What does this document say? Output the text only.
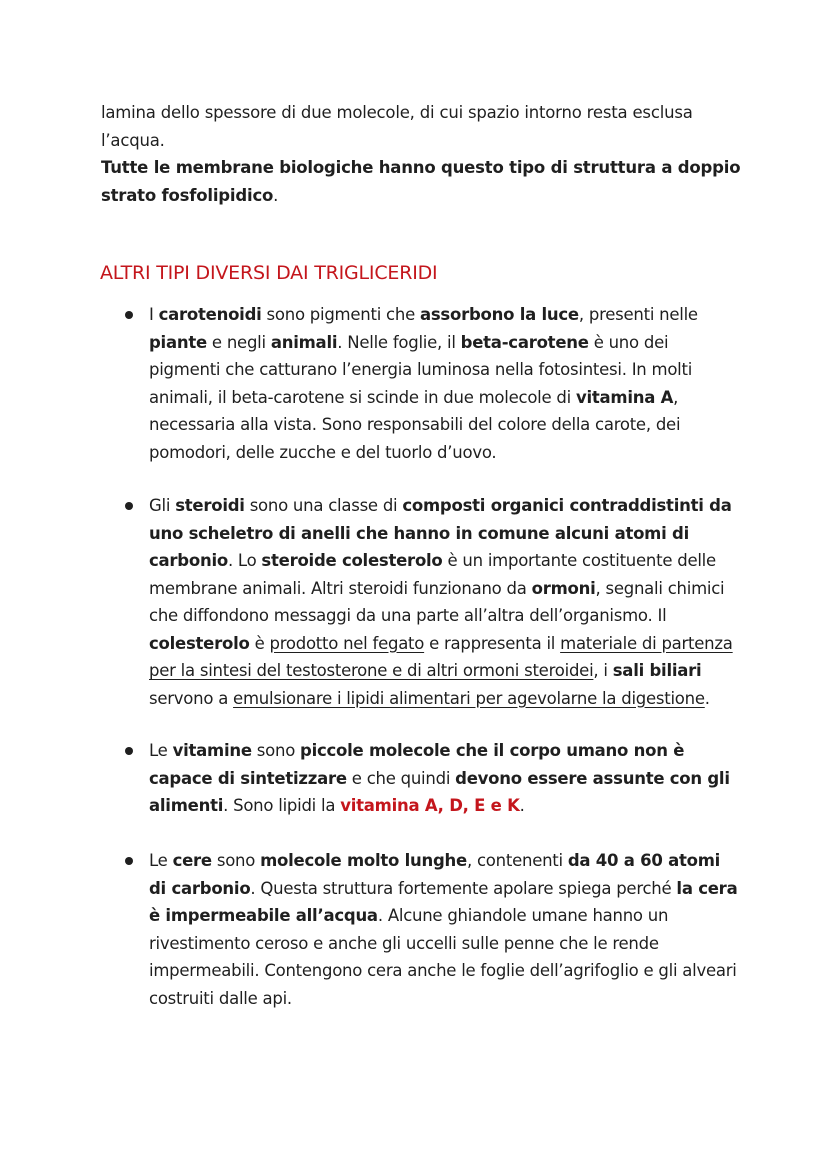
lamina dello spessore di due molecole, di cui spazio intorno resta esclusa
l’acqua.
Tutte le membrane biologiche hanno questo tipo di struttura a doppio strato fosfolipidico.
ALTRI TIPI DIVERSI DAI TRIGLICERIDI
I carotenoidi sono pigmenti che assorbono la luce, presenti nelle piante e negli animali. Nelle foglie, il beta-carotene è uno dei pigmenti che catturano l’energia luminosa nella fotosintesi. In molti animali, il beta-carotene si scinde in due molecole di vitamina A, necessaria alla vista. Sono responsabili del colore della carote, dei pomodori, delle zucche e del tuorlo d’uovo.
Gli steroidi sono una classe di composti organici contraddistinti da uno scheletro di anelli che hanno in comune alcuni atomi di carbonio. Lo steroide colesterolo è un importante costituente delle membrane animali. Altri steroidi funzionano da ormoni, segnali chimici che diffondono messaggi da una parte all’altra dell’organismo. Il colesterolo è prodotto nel fegato e rappresenta il materiale di partenza per la sintesi del testosterone e di altri ormoni steroidei, i sali biliari servono a emulsionare i lipidi alimentari per agevolarne la digestione.
Le vitamine sono piccole molecole che il corpo umano non è capace di sintetizzare e che quindi devono essere assunte con gli alimenti. Sono lipidi la vitamina A, D, E e K.
Le cere sono molecole molto lunghe, contenenti da 40 a 60 atomi di carbonio. Questa struttura fortemente apolare spiega perché la cera è impermeabile all’acqua. Alcune ghiandole umane hanno un rivestimento ceroso e anche gli uccelli sulle penne che le rende impermeabili. Contengono cera anche le foglie dell’agrifoglio e gli alveari costruiti dalle api.
